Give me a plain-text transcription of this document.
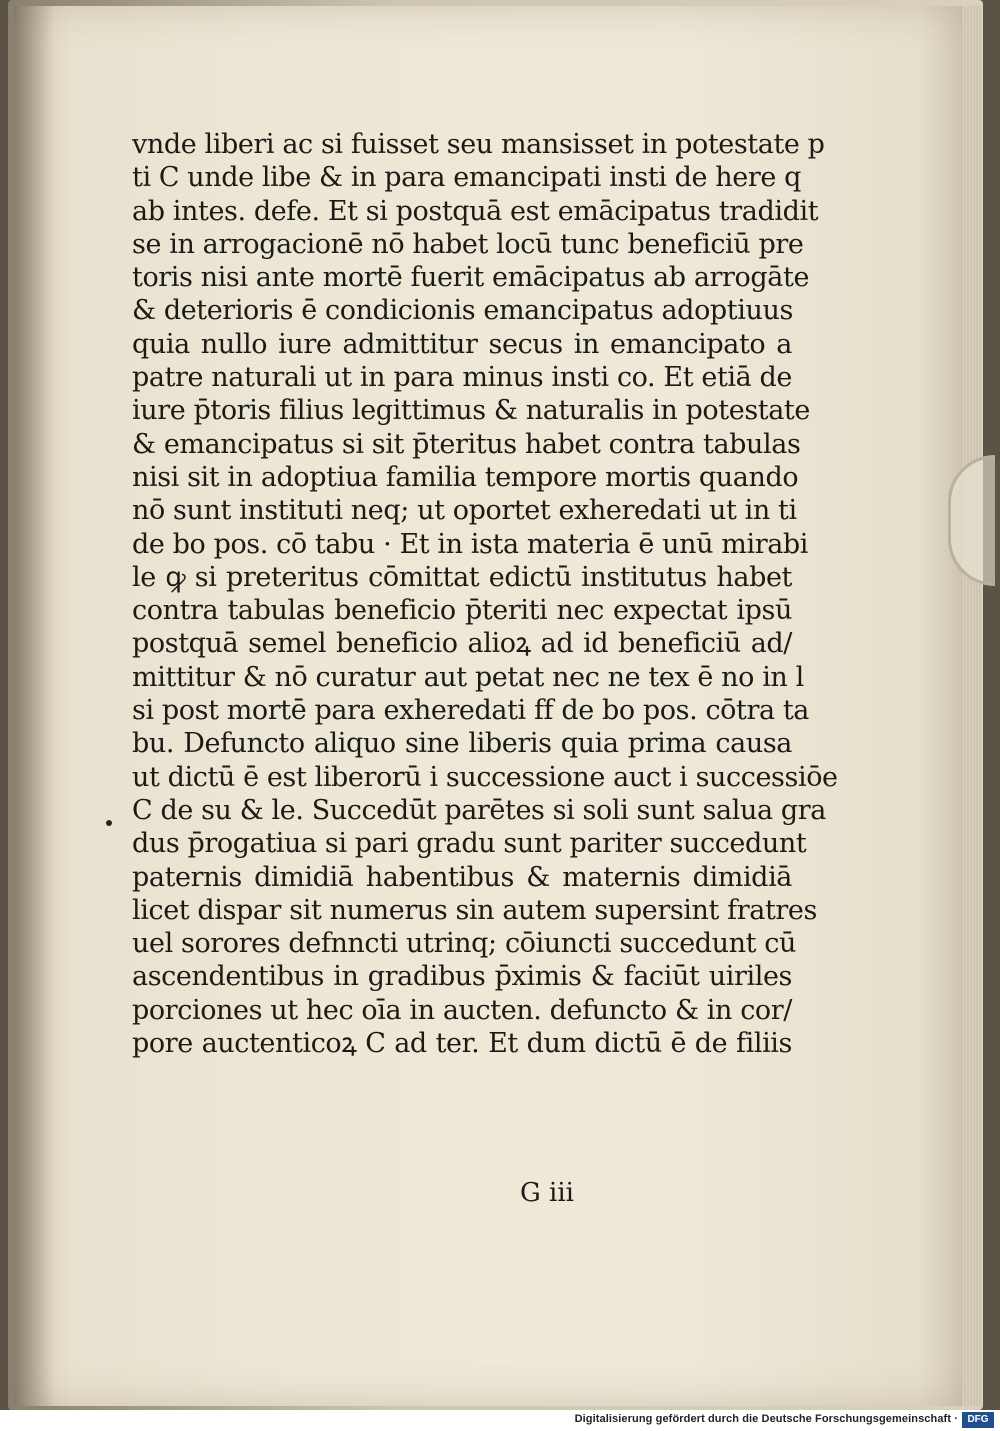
vnde liberi ac si fuisset seu mansisset in potestate p
ti C unde libe & in para emancipati insti de here q
ab intes. defe. Et si postquā est emācipatus tradidit
se in arrogacionē nō habet locū tunc beneficiū pre
toris nisi ante mortē fuerit emācipatus ab arrogāte
& deterioris ē condicionis emancipatus adoptiuus
quia nullo iure admittitur secus in emancipato a
patre naturali ut in para minus insti co. Et etiā de
iure p̄toris filius legittimus & naturalis in potestate
& emancipatus si sit p̄teritus habet contra tabulas
nisi sit in adoptiua familia tempore mortis quando
nō sunt instituti neq; ut oportet exheredati ut in ti
de bo pos. cō tabu · Et in ista materia ē unū mirabi
le ꝙ si preteritus cōmittat edictū institutus habet
contra tabulas beneficio p̄teriti nec expectat ipsū
postquā semel beneficio alioꝝ ad id beneficiū ad/
mittitur & nō curatur aut petat nec ne tex ē no in l
si post mortē para exheredati ff de bo pos. cōtra ta
bu. Defuncto aliquo sine liberis quia prima causa
ut dictū ē est liberorū i successione auct i successiōe
C de su & le. Succedūt parētes si soli sunt salua gra
dus p̄rogatiua si pari gradu sunt pariter succedunt
paternis dimidiā habentibus & maternis dimidiā
licet dispar sit numerus sin autem supersint fratres
uel sorores defnncti utrinq; cōiuncti succedunt cū
ascendentibus in gradibus p̄ximis & faciūt uiriles
porciones ut hec oīa in aucten. defuncto & in cor/
pore auctenticoꝝ C ad ter. Et dum dictū ē de filiis
G iii
Digitalisierung gefördert durch die Deutsche Forschungsgemeinschaft · DFG
